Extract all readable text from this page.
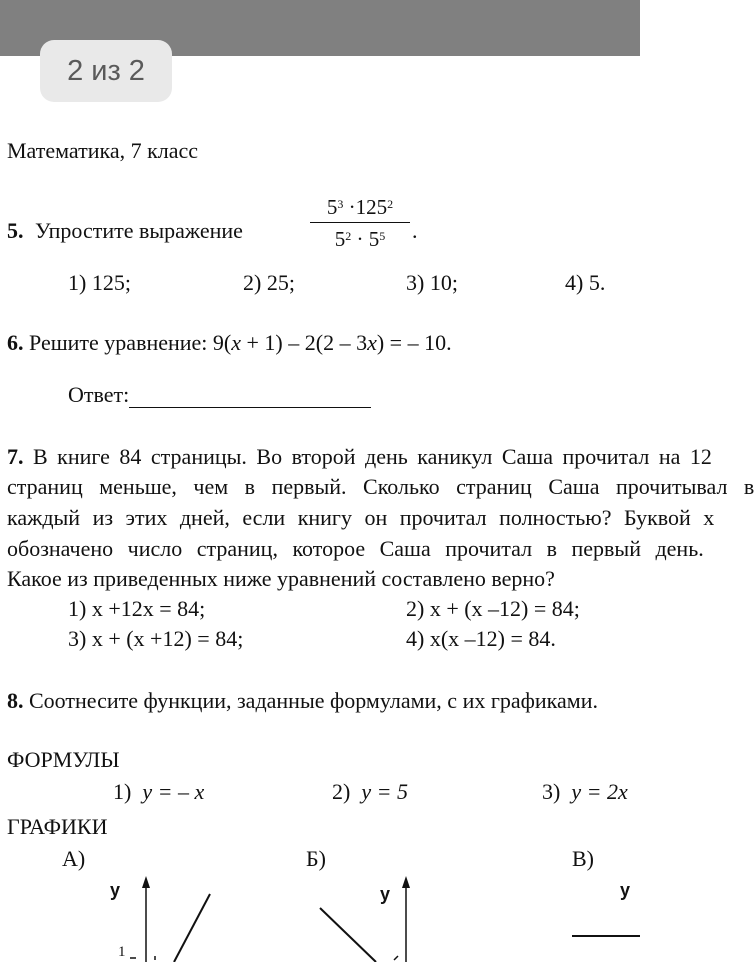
Математика, 7 класс
5. Упростите выражение
$5^3 \cdot 125^2$
$5^2 \cdot 5^5$	.
1) 125;	2) 25;	3) 10;	4) 5.
6. Решите уравнение: 9(x + 1) – 2(2 – 3x) = – 10.
Ответ:
7. В книге 84 страницы. Во второй день каникул Саша прочитал на 12
страниц меньше, чем в первый. Сколько страниц Саша прочитывал в
каждый из этих дней, если книгу он прочитал полностью? Буквой x
обозначено число страниц, которое Саша прочитал в первый день.
Какое из приведенных ниже уравнений составлено верно?
1) x +12x = 84;	2) x + (x –12) = 84;
3) x + (x +12) = 84;	4) x(x –12) = 84.
8. Соотнесите функции, заданные формулами, с их графиками.
ФОРМУЛЫ
1) y = – x	2) y = 5	3) y = 2x
ГРАФИКИ
А)	Б)	В)
y
1
y	y
2 из 2
